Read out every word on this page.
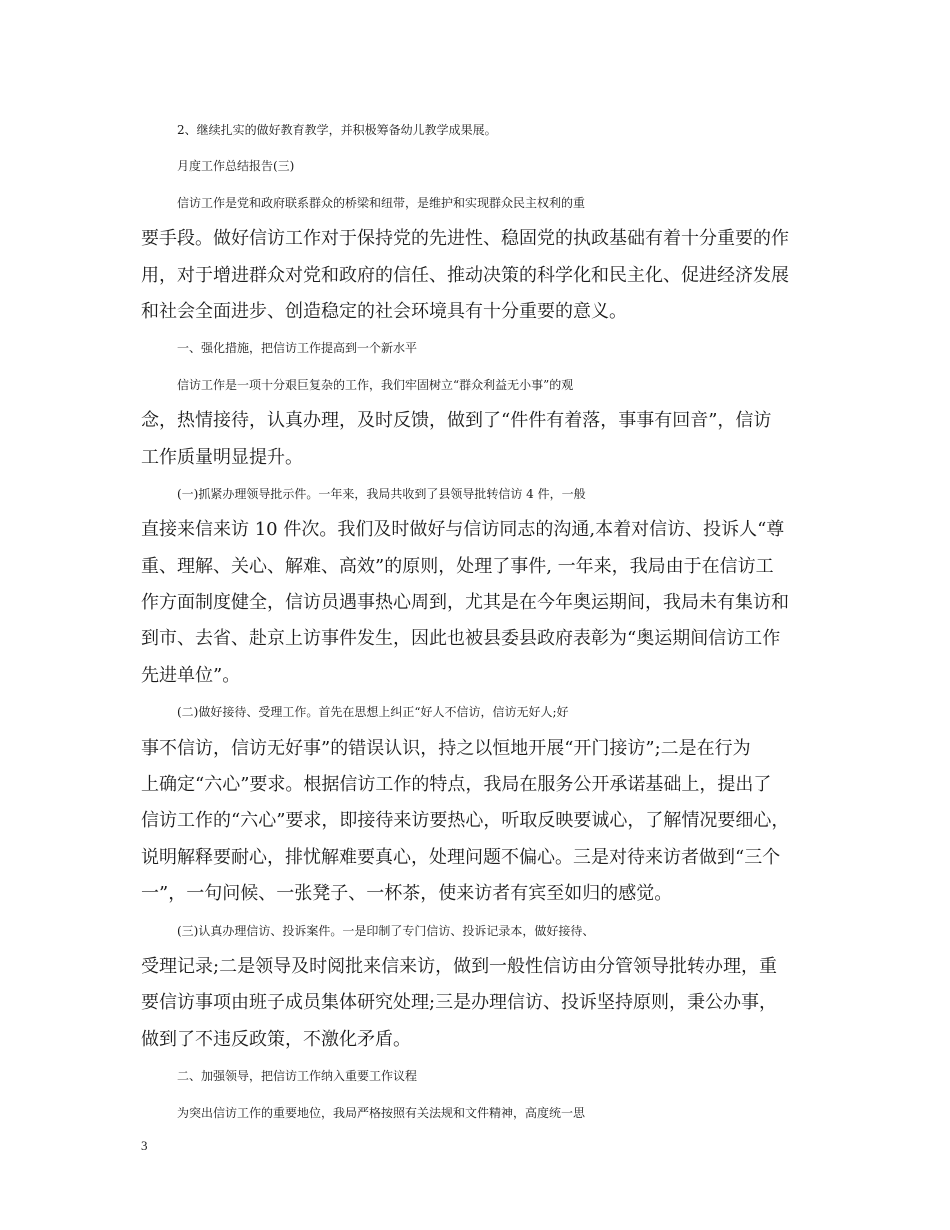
2、继续扎实的做好教育教学，并积极筹备幼儿教学成果展。
月度工作总结报告(三)
信访工作是党和政府联系群众的桥梁和纽带，是维护和实现群众民主权利的重
要手段。做好信访工作对于保持党的先进性、稳固党的执政基础有着十分重要的作
用，对于增进群众对党和政府的信任、推动决策的科学化和民主化、促进经济发展
和社会全面进步、创造稳定的社会环境具有十分重要的意义。
一、强化措施，把信访工作提高到一个新水平
信访工作是一项十分艰巨复杂的工作，我们牢固树立“群众利益无小事”的观
念，热情接待，认真办理，及时反馈，做到了“件件有着落，事事有回音”，信访
工作质量明显提升。
(一)抓紧办理领导批示件。一年来，我局共收到了县领导批转信访 4 件，一般
直接来信来访 10 件次。我们及时做好与信访同志的沟通,本着对信访、投诉人“尊
重、理解、关心、解难、高效”的原则，处理了事件, 一年来，我局由于在信访工
作方面制度健全，信访员遇事热心周到，尤其是在今年奥运期间，我局未有集访和
到市、去省、赴京上访事件发生，因此也被县委县政府表彰为“奥运期间信访工作
先进单位”。
(二)做好接待、受理工作。首先在思想上纠正“好人不信访，信访无好人;好
事不信访，信访无好事”的错误认识，持之以恒地开展“开门接访”;二是在行为
上确定“六心”要求。根据信访工作的特点，我局在服务公开承诺基础上，提出了
信访工作的“六心”要求，即接待来访要热心，听取反映要诚心，了解情况要细心，
说明解释要耐心，排忧解难要真心，处理问题不偏心。三是对待来访者做到“三个
一”，一句问候、一张凳子、一杯茶，使来访者有宾至如归的感觉。
(三)认真办理信访、投诉案件。一是印制了专门信访、投诉记录本，做好接待、
受理记录;二是领导及时阅批来信来访，做到一般性信访由分管领导批转办理，重
要信访事项由班子成员集体研究处理;三是办理信访、投诉坚持原则，秉公办事，
做到了不违反政策，不激化矛盾。
二、加强领导，把信访工作纳入重要工作议程
为突出信访工作的重要地位，我局严格按照有关法规和文件精神，高度统一思
3
